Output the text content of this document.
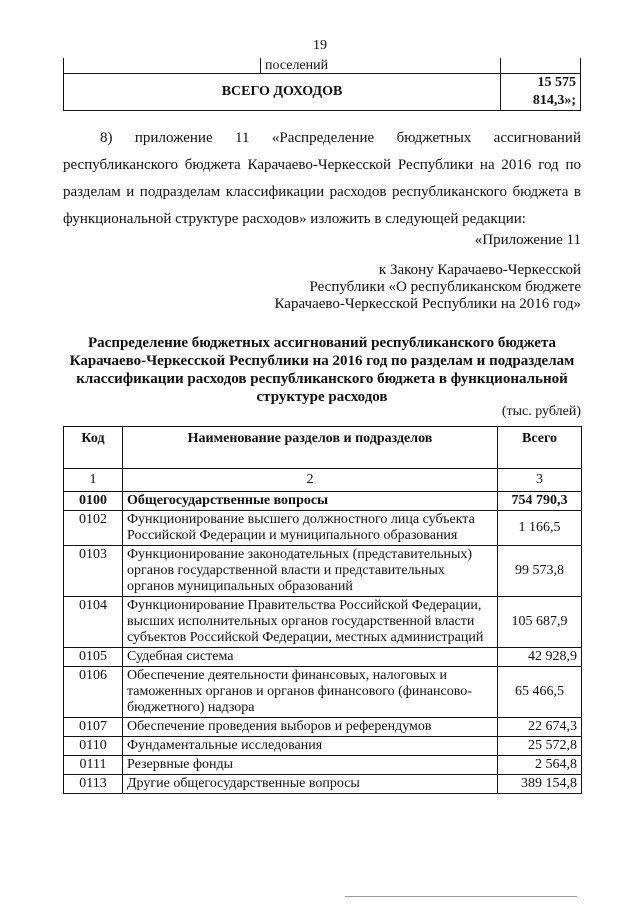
19
	поселений	
ВСЕГО ДОХОДОВ		15 575 814,3»;
8) приложение 11 «Распределение бюджетных ассигнований республиканского бюджета Карачаево-Черкесской Республики на 2016 год по разделам и подразделам классификации расходов республиканского бюджета в функциональной структуре расходов» изложить в следующей редакции:
«Приложение 11
к Закону Карачаево-Черкесской
Республики «О республиканском бюджете
Карачаево-Черкесской Республики на 2016 год»
Распределение бюджетных ассигнований республиканского бюджета Карачаево-Черкесской Республики на 2016 год по разделам и подразделам классификации расходов республиканского бюджета в функциональной структуре расходов
(тыс. рублей)
Код	Наименование разделов и подразделов	Всего
1	2	3
0100	Общегосударственные вопросы	754 790,3
0102	Функционирование высшего должностного лица субъекта Российской Федерации и муниципального образования	1 166,5
0103	Функционирование законодательных (представительных) органов государственной власти и представительных органов муниципальных образований	99 573,8
0104	Функционирование Правительства Российской Федерации, высших исполнительных органов государственной власти субъектов Российской Федерации, местных администраций	105 687,9
0105	Судебная система	42 928,9
0106	Обеспечение деятельности финансовых, налоговых и таможенных органов и органов финансового (финансово-бюджетного) надзора	65 466,5
0107	Обеспечение проведения выборов и референдумов	22 674,3
0110	Фундаментальные исследования	25 572,8
0111	Резервные фонды	2 564,8
0113	Другие общегосударственные вопросы	389 154,8
